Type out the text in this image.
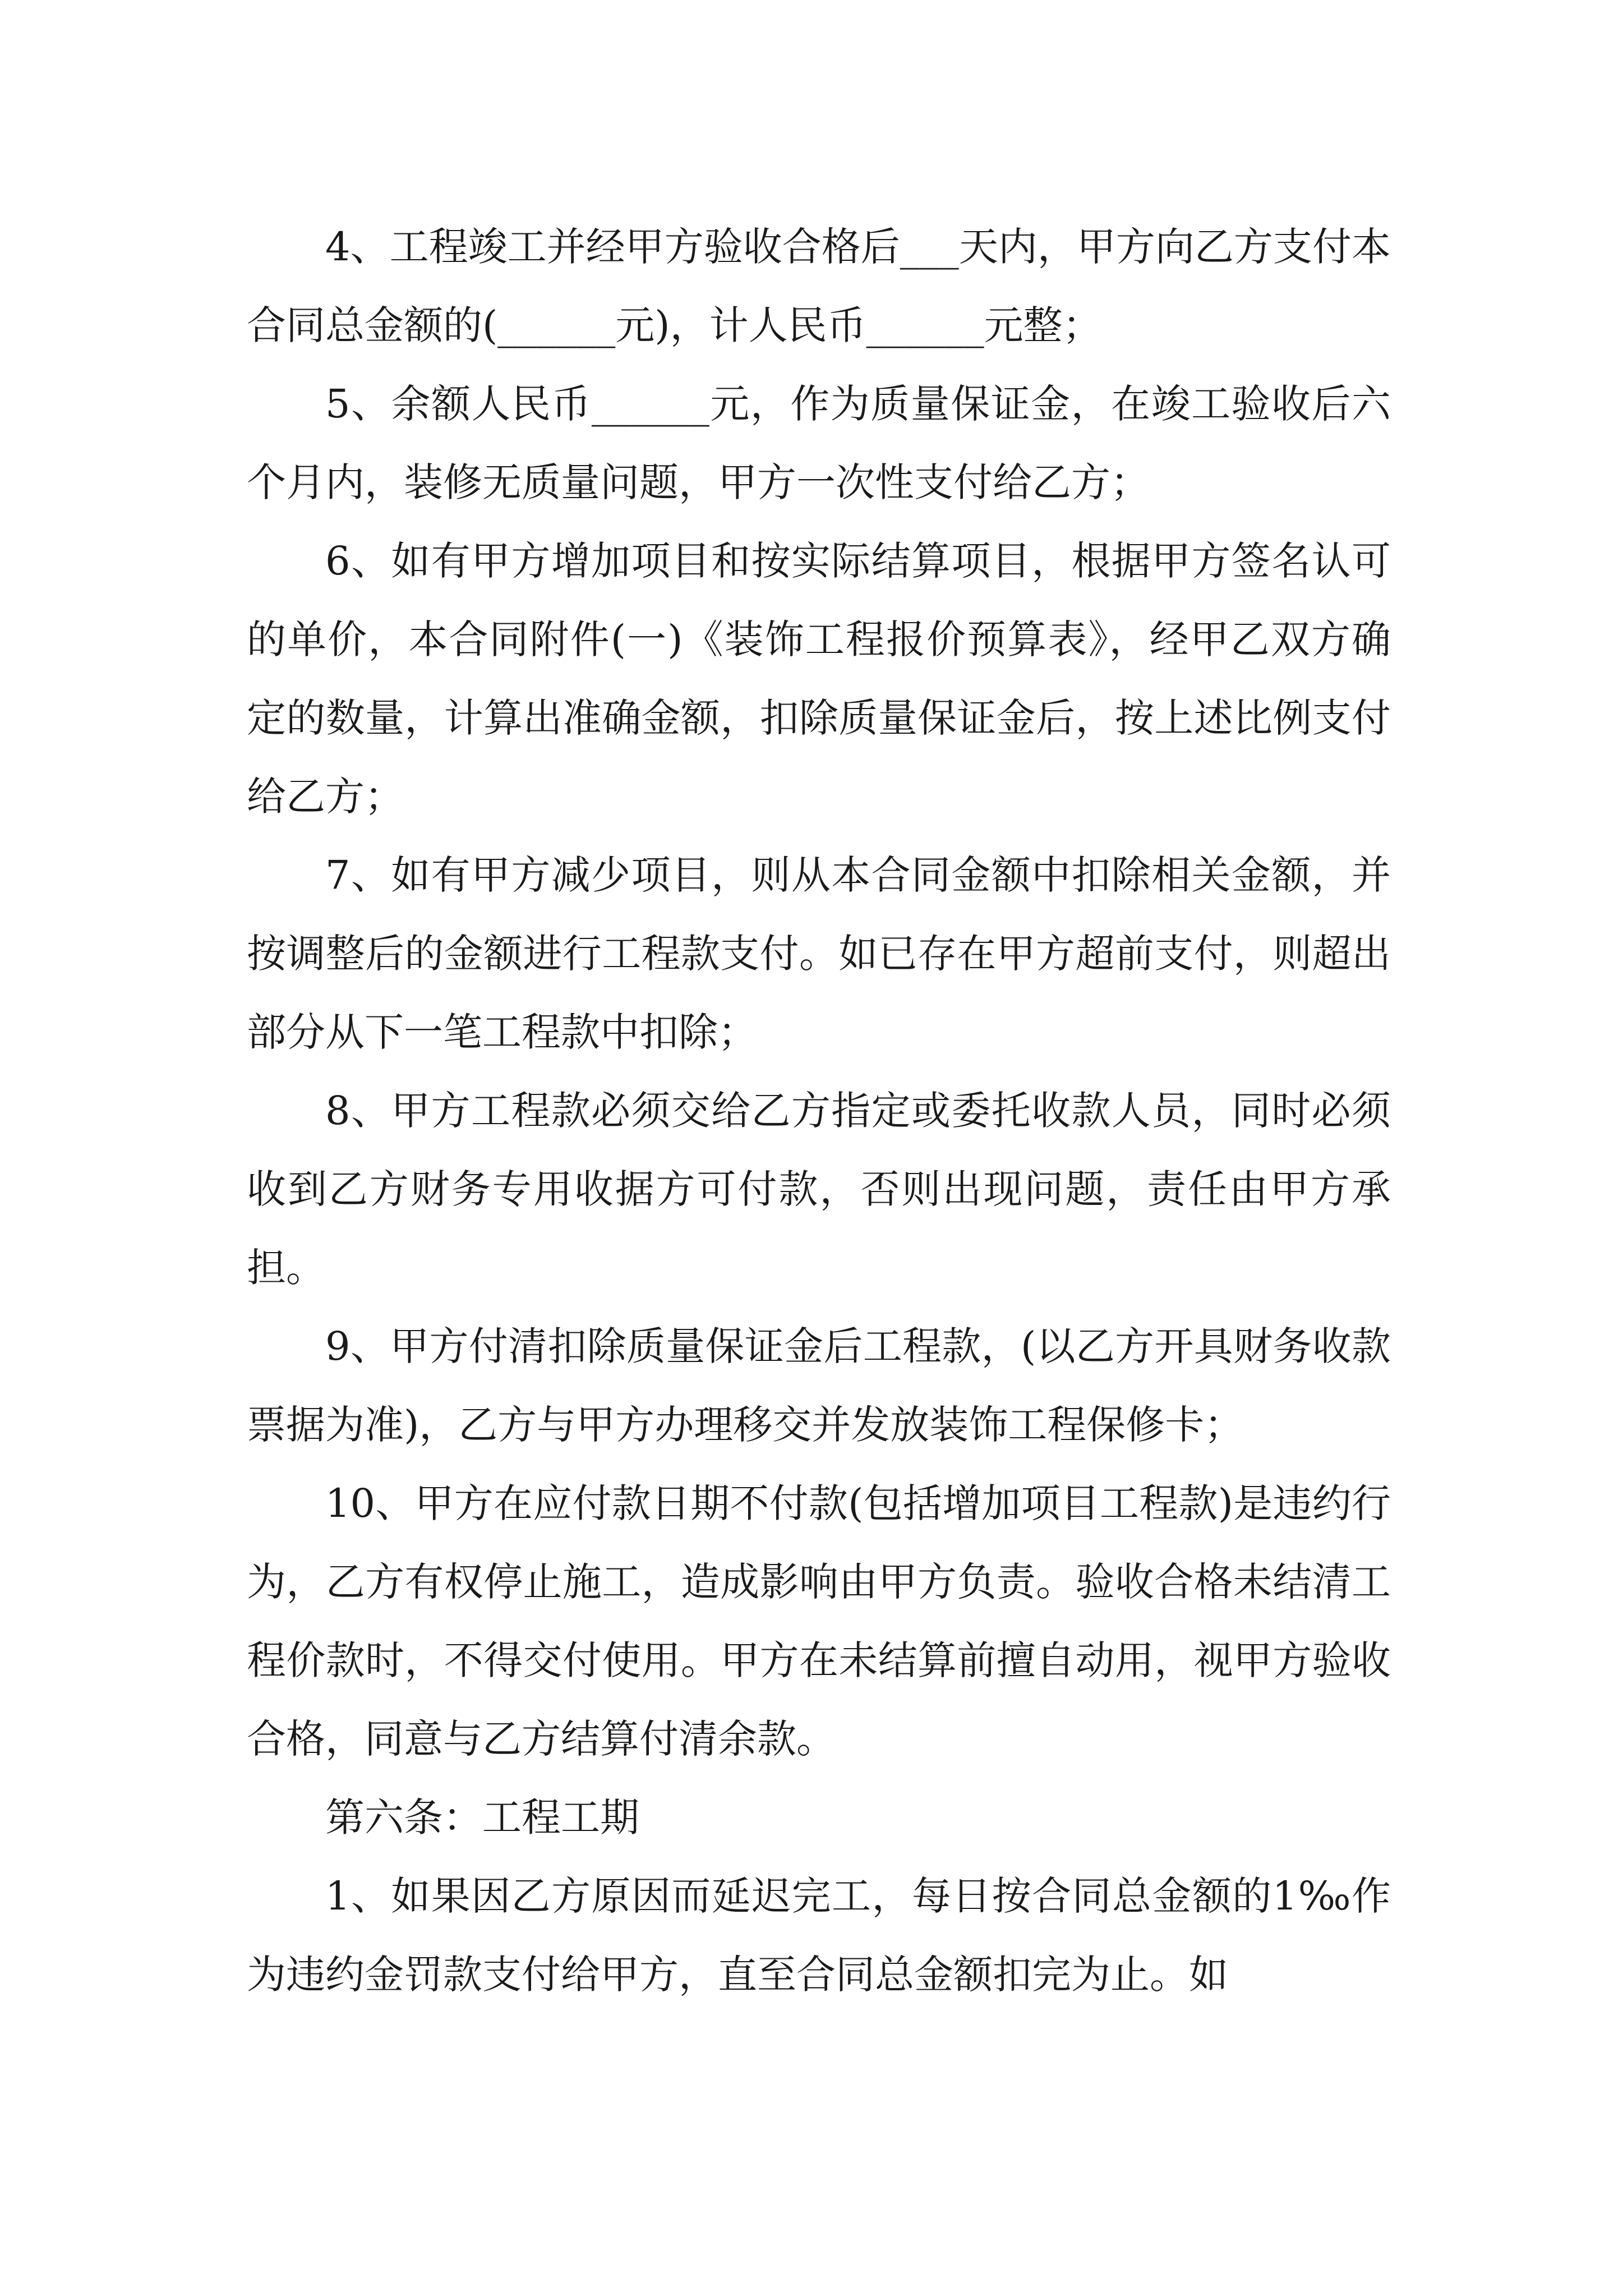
4、工程竣工并经甲方验收合格后___天内，甲方向乙方支付本合同总金额的(______元)，计人民币______元整；

5、余额人民币______元，作为质量保证金，在竣工验收后六个月内，装修无质量问题，甲方一次性支付给乙方；

6、如有甲方增加项目和按实际结算项目，根据甲方签名认可的单价，本合同附件(一)《装饰工程报价预算表》，经甲乙双方确定的数量，计算出准确金额，扣除质量保证金后，按上述比例支付给乙方；

7、如有甲方减少项目，则从本合同金额中扣除相关金额，并按调整后的金额进行工程款支付。如已存在甲方超前支付，则超出部分从下一笔工程款中扣除；

8、甲方工程款必须交给乙方指定或委托收款人员，同时必须收到乙方财务专用收据方可付款，否则出现问题，责任由甲方承担。

9、甲方付清扣除质量保证金后工程款，(以乙方开具财务收款票据为准)，乙方与甲方办理移交并发放装饰工程保修卡；

10、甲方在应付款日期不付款(包括增加项目工程款)是违约行为，乙方有权停止施工，造成影响由甲方负责。验收合格未结清工程价款时，不得交付使用。甲方在未结算前擅自动用，视甲方验收合格，同意与乙方结算付清余款。

第六条：工程工期

1、如果因乙方原因而延迟完工，每日按合同总金额的1‰作为违约金罚款支付给甲方，直至合同总金额扣完为止。如
